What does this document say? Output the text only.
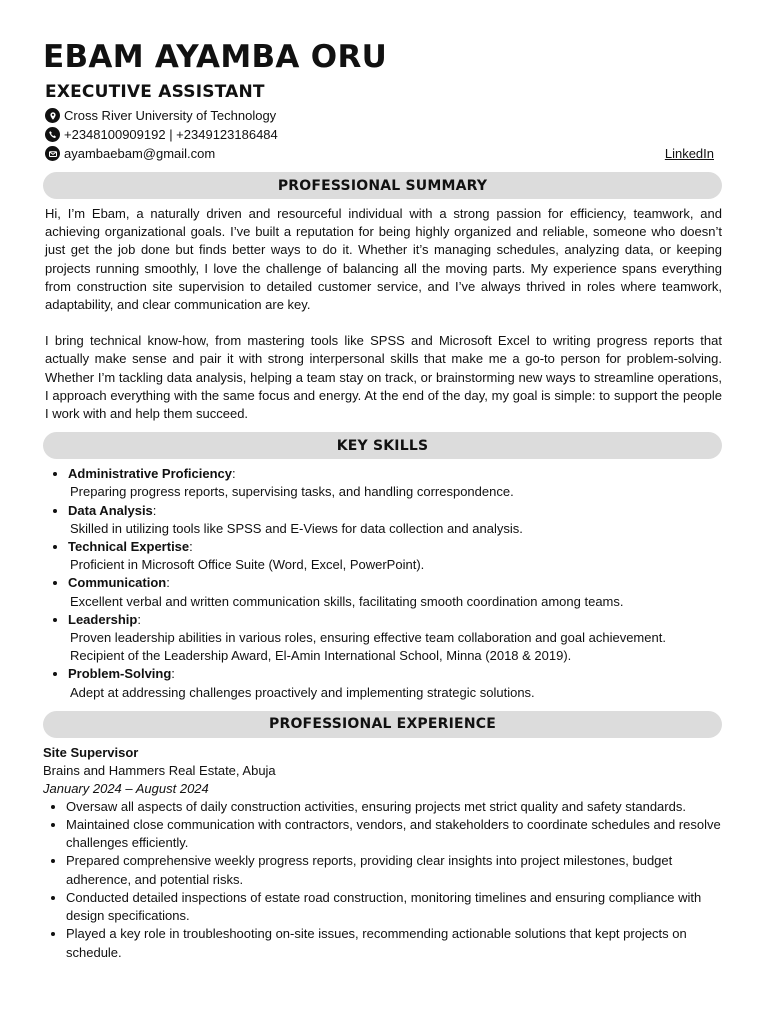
EBAM AYAMBA ORU
EXECUTIVE ASSISTANT
Cross River University of Technology
+2348100909192 | +2349123186484
ayambaebam@gmail.com	LinkedIn
PROFESSIONAL SUMMARY

Hi, I’m Ebam, a naturally driven and resourceful individual with a strong passion for efficiency, teamwork, and achieving organizational goals. I’ve built a reputation for being highly organized and reliable, someone who doesn’t just get the job done but finds better ways to do it. Whether it’s managing schedules, analyzing data, or keeping projects running smoothly, I love the challenge of balancing all the moving parts. My experience spans everything from construction site supervision to detailed customer service, and I’ve always thrived in roles where teamwork, adaptability, and clear communication are key.

I bring technical know-how, from mastering tools like SPSS and Microsoft Excel to writing progress reports that actually make sense and pair it with strong interpersonal skills that make me a go-to person for problem-solving. Whether I’m tackling data analysis, helping a team stay on track, or brainstorming new ways to streamline operations, I approach everything with the same focus and energy. At the end of the day, my goal is simple: to support the people I work with and help them succeed.

KEY SKILLS
• Administrative Proficiency:
Preparing progress reports, supervising tasks, and handling correspondence.
• Data Analysis:
Skilled in utilizing tools like SPSS and E-Views for data collection and analysis.
• Technical Expertise:
Proficient in Microsoft Office Suite (Word, Excel, PowerPoint).
• Communication:
Excellent verbal and written communication skills, facilitating smooth coordination among teams.
• Leadership:
Proven leadership abilities in various roles, ensuring effective team collaboration and goal achievement.
Recipient of the Leadership Award, El-Amin International School, Minna (2018 & 2019).
• Problem-Solving:
Adept at addressing challenges proactively and implementing strategic solutions.
PROFESSIONAL EXPERIENCE
Site Supervisor
Brains and Hammers Real Estate, Abuja
January 2024 – August 2024
• Oversaw all aspects of daily construction activities, ensuring projects met strict quality and safety standards.
• Maintained close communication with contractors, vendors, and stakeholders to coordinate schedules and resolve challenges efficiently.
• Prepared comprehensive weekly progress reports, providing clear insights into project milestones, budget adherence, and potential risks.
• Conducted detailed inspections of estate road construction, monitoring timelines and ensuring compliance with design specifications.
• Played a key role in troubleshooting on-site issues, recommending actionable solutions that kept projects on schedule.
